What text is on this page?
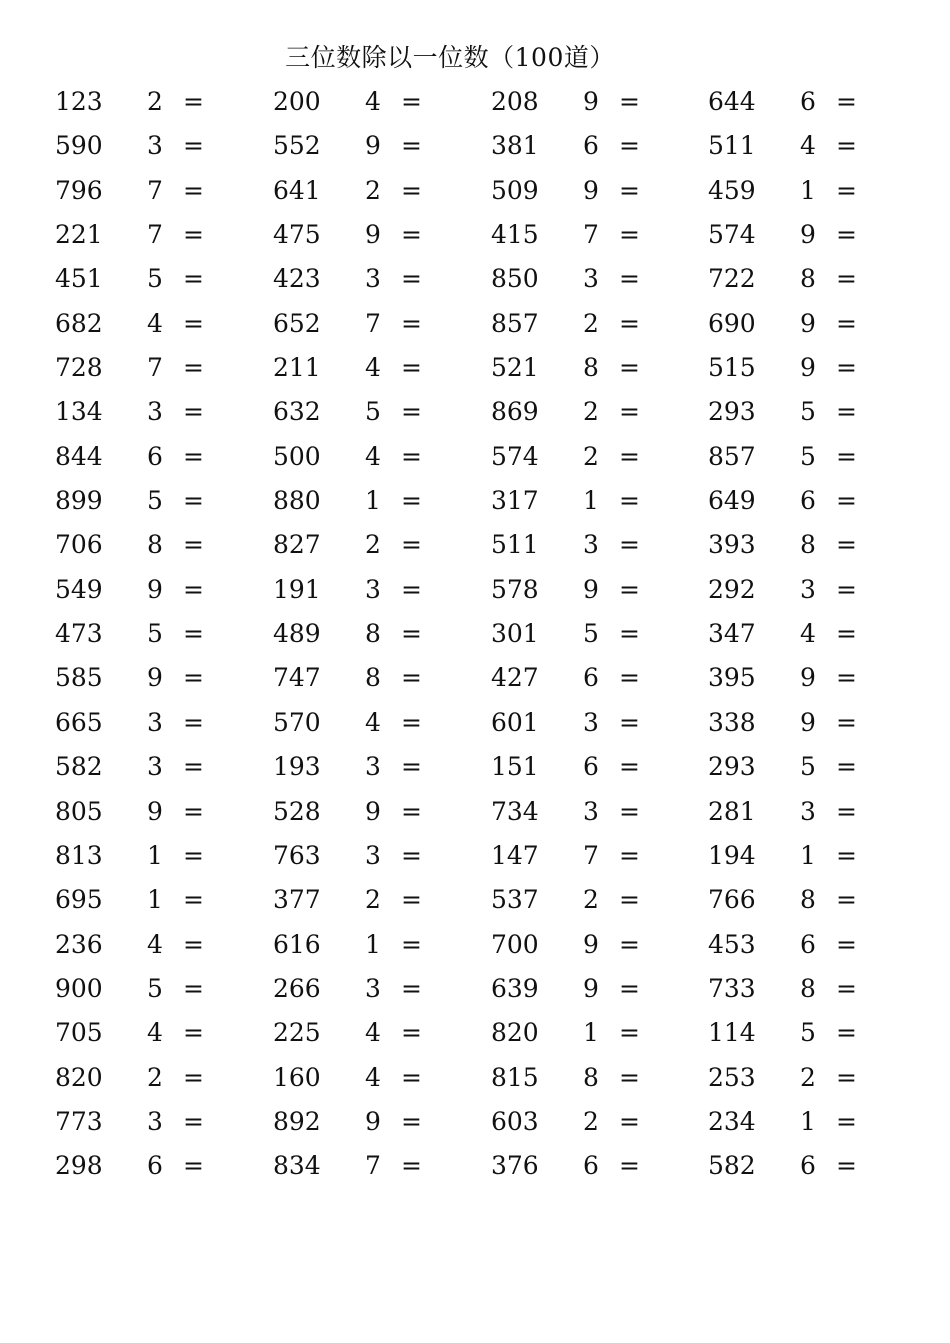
三位数除以一位数（100道）
123 2 =	200 4 =	208 9 =	644 6 =
590 3 =	552 9 =	381 6 =	511 4 =
796 7 =	641 2 =	509 9 =	459 1 =
221 7 =	475 9 =	415 7 =	574 9 =
451 5 =	423 3 =	850 3 =	722 8 =
682 4 =	652 7 =	857 2 =	690 9 =
728 7 =	211 4 =	521 8 =	515 9 =
134 3 =	632 5 =	869 2 =	293 5 =
844 6 =	500 4 =	574 2 =	857 5 =
899 5 =	880 1 =	317 1 =	649 6 =
706 8 =	827 2 =	511 3 =	393 8 =
549 9 =	191 3 =	578 9 =	292 3 =
473 5 =	489 8 =	301 5 =	347 4 =
585 9 =	747 8 =	427 6 =	395 9 =
665 3 =	570 4 =	601 3 =	338 9 =
582 3 =	193 3 =	151 6 =	293 5 =
805 9 =	528 9 =	734 3 =	281 3 =
813 1 =	763 3 =	147 7 =	194 1 =
695 1 =	377 2 =	537 2 =	766 8 =
236 4 =	616 1 =	700 9 =	453 6 =
900 5 =	266 3 =	639 9 =	733 8 =
705 4 =	225 4 =	820 1 =	114 5 =
820 2 =	160 4 =	815 8 =	253 2 =
773 3 =	892 9 =	603 2 =	234 1 =
298 6 =	834 7 =	376 6 =	582 6 =
